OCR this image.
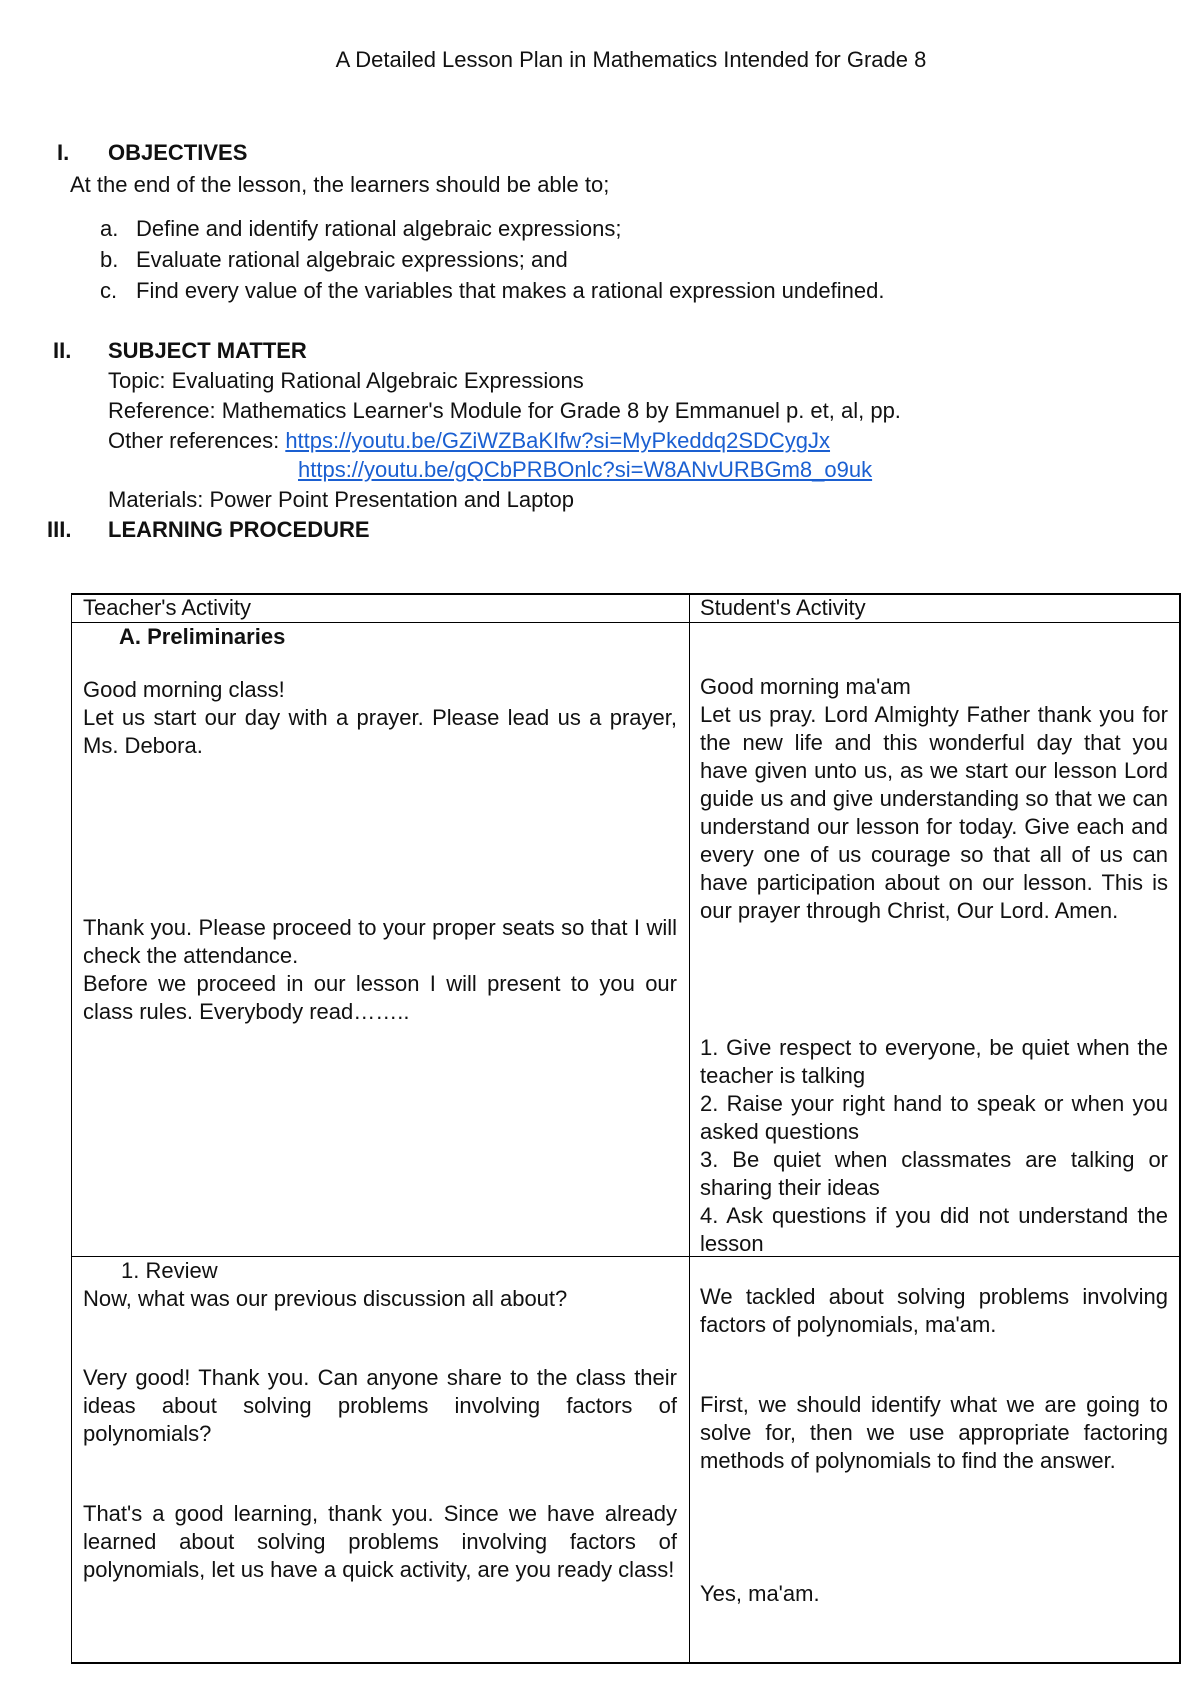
A Detailed Lesson Plan in Mathematics Intended for Grade 8
I. OBJECTIVES
At the end of the lesson, the learners should be able to;
a. Define and identify rational algebraic expressions;
b. Evaluate rational algebraic expressions; and
c. Find every value of the variables that makes a rational expression undefined.
II. SUBJECT MATTER
Topic: Evaluating Rational Algebraic Expressions
Reference: Mathematics Learner's Module for Grade 8 by Emmanuel p. et, al, pp.
Other references: https://youtu.be/GZiWZBaKIfw?si=MyPkeddq2SDCygJx
https://youtu.be/gQCbPRBOnlc?si=W8ANvURBGm8_o9uk
Materials: Power Point Presentation and Laptop
III. LEARNING PROCEDURE
Teacher's Activity	Student's Activity
A. Preliminaries
Good morning class!
Let us start our day with a prayer. Please lead us a prayer, Ms. Debora.
Thank you. Please proceed to your proper seats so that I will check the attendance.
Before we proceed in our lesson I will present to you our class rules. Everybody read……..
Good morning ma'am
Let us pray. Lord Almighty Father thank you for the new life and this wonderful day that you have given unto us, as we start our lesson Lord guide us and give understanding so that we can understand our lesson for today. Give each and every one of us courage so that all of us can have participation about on our lesson. This is our prayer through Christ, Our Lord. Amen.
1. Give respect to everyone, be quiet when the teacher is talking
2. Raise your right hand to speak or when you asked questions
3. Be quiet when classmates are talking or sharing their ideas
4. Ask questions if you did not understand the lesson
1. Review
Now, what was our previous discussion all about?
Very good! Thank you. Can anyone share to the class their ideas about solving problems involving factors of polynomials?
That's a good learning, thank you. Since we have already learned about solving problems involving factors of polynomials, let us have a quick activity, are you ready class!
We tackled about solving problems involving factors of polynomials, ma'am.
First, we should identify what we are going to solve for, then we use appropriate factoring methods of polynomials to find the answer.
Yes, ma'am.
